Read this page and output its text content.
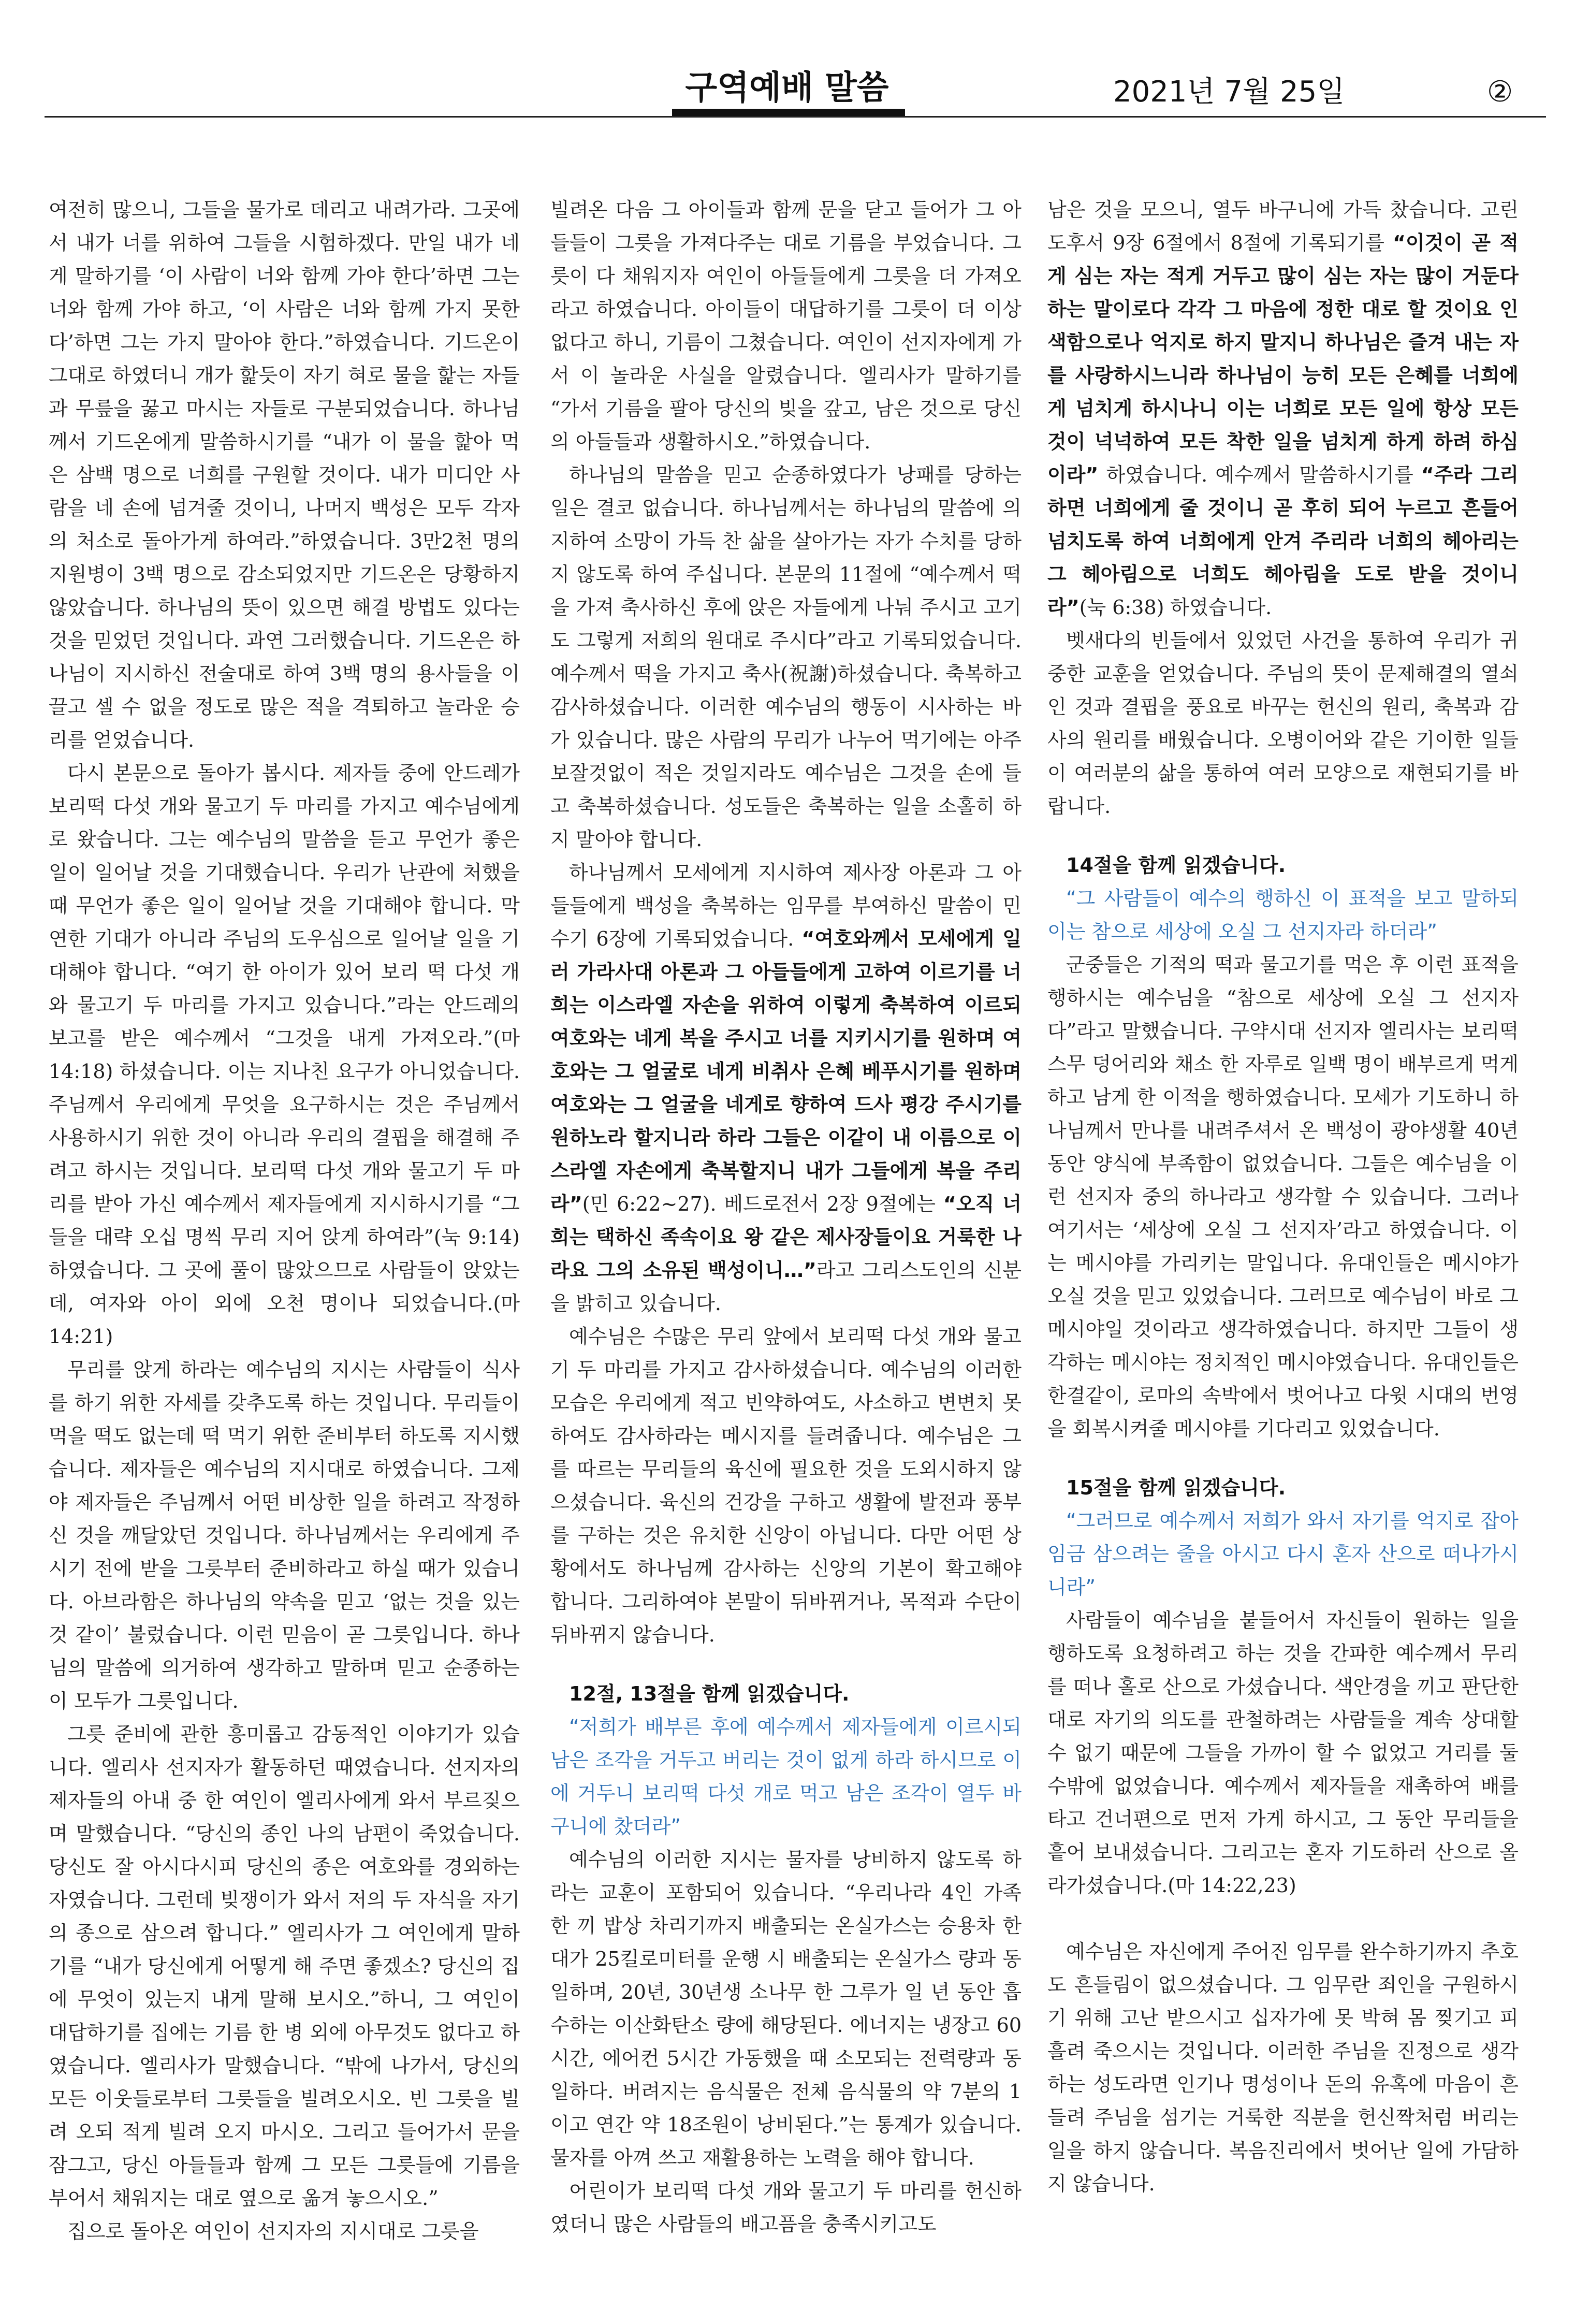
구역예배 말씀	2021년 7월 25일	②

여전히 많으니, 그들을 물가로 데리고 내려가라. 그곳에서 내가 너를 위하여 그들을 시험하겠다. 만일 내가 네게 말하기를 ‘이 사람이 너와 함께 가야 한다’하면 그는 너와 함께 가야 하고, ‘이 사람은 너와 함께 가지 못한다’하면 그는 가지 말아야 한다.”하였습니다. 기드온이 그대로 하였더니 개가 핥듯이 자기 혀로 물을 핥는 자들과 무릎을 꿇고 마시는 자들로 구분되었습니다. 하나님께서 기드온에게 말씀하시기를 “내가 이 물을 핥아 먹은 삼백 명으로 너희를 구원할 것이다. 내가 미디안 사람을 네 손에 넘겨줄 것이니, 나머지 백성은 모두 각자의 처소로 돌아가게 하여라.”하였습니다. 3만2천 명의 지원병이 3백 명으로 감소되었지만 기드온은 당황하지 않았습니다. 하나님의 뜻이 있으면 해결 방법도 있다는 것을 믿었던 것입니다. 과연 그러했습니다. 기드온은 하나님이 지시하신 전술대로 하여 3백 명의 용사들을 이끌고 셀 수 없을 정도로 많은 적을 격퇴하고 놀라운 승리를 얻었습니다.

다시 본문으로 돌아가 봅시다. 제자들 중에 안드레가 보리떡 다섯 개와 물고기 두 마리를 가지고 예수님에게로 왔습니다. 그는 예수님의 말씀을 듣고 무언가 좋은 일이 일어날 것을 기대했습니다. 우리가 난관에 처했을 때 무언가 좋은 일이 일어날 것을 기대해야 합니다. 막연한 기대가 아니라 주님의 도우심으로 일어날 일을 기대해야 합니다. “여기 한 아이가 있어 보리 떡 다섯 개와 물고기 두 마리를 가지고 있습니다.”라는 안드레의 보고를 받은 예수께서 “그것을 내게 가져오라.”(마 14:18) 하셨습니다. 이는 지나친 요구가 아니었습니다. 주님께서 우리에게 무엇을 요구하시는 것은 주님께서 사용하시기 위한 것이 아니라 우리의 결핍을 해결해 주려고 하시는 것입니다. 보리떡 다섯 개와 물고기 두 마리를 받아 가신 예수께서 제자들에게 지시하시기를 “그들을 대략 오십 명씩 무리 지어 앉게 하여라”(눅 9:14) 하였습니다. 그 곳에 풀이 많았으므로 사람들이 앉았는데, 여자와 아이 외에 오천 명이나 되었습니다.(마 14:21)

무리를 앉게 하라는 예수님의 지시는 사람들이 식사를 하기 위한 자세를 갖추도록 하는 것입니다. 무리들이 먹을 떡도 없는데 떡 먹기 위한 준비부터 하도록 지시했습니다. 제자들은 예수님의 지시대로 하였습니다. 그제야 제자들은 주님께서 어떤 비상한 일을 하려고 작정하신 것을 깨달았던 것입니다. 하나님께서는 우리에게 주시기 전에 받을 그릇부터 준비하라고 하실 때가 있습니다. 아브라함은 하나님의 약속을 믿고 ‘없는 것을 있는 것 같이’ 불렀습니다. 이런 믿음이 곧 그릇입니다. 하나님의 말씀에 의거하여 생각하고 말하며 믿고 순종하는 이 모두가 그릇입니다.

그릇 준비에 관한 흥미롭고 감동적인 이야기가 있습니다. 엘리사 선지자가 활동하던 때였습니다. 선지자의 제자들의 아내 중 한 여인이 엘리사에게 와서 부르짖으며 말했습니다. “당신의 종인 나의 남편이 죽었습니다. 당신도 잘 아시다시피 당신의 종은 여호와를 경외하는 자였습니다. 그런데 빚쟁이가 와서 저의 두 자식을 자기의 종으로 삼으려 합니다.” 엘리사가 그 여인에게 말하기를 “내가 당신에게 어떻게 해 주면 좋겠소? 당신의 집에 무엇이 있는지 내게 말해 보시오.”하니, 그 여인이 대답하기를 집에는 기름 한 병 외에 아무것도 없다고 하였습니다. 엘리사가 말했습니다. “밖에 나가서, 당신의 모든 이웃들로부터 그릇들을 빌려오시오. 빈 그릇을 빌려 오되 적게 빌려 오지 마시오. 그리고 들어가서 문을 잠그고, 당신 아들들과 함께 그 모든 그릇들에 기름을 부어서 채워지는 대로 옆으로 옮겨 놓으시오.”

집으로 돌아온 여인이 선지자의 지시대로 그릇을

빌려온 다음 그 아이들과 함께 문을 닫고 들어가 그 아들들이 그릇을 가져다주는 대로 기름을 부었습니다. 그릇이 다 채워지자 여인이 아들들에게 그릇을 더 가져오라고 하였습니다. 아이들이 대답하기를 그릇이 더 이상 없다고 하니, 기름이 그쳤습니다. 여인이 선지자에게 가서 이 놀라운 사실을 알렸습니다. 엘리사가 말하기를 “가서 기름을 팔아 당신의 빚을 갚고, 남은 것으로 당신의 아들들과 생활하시오.”하였습니다.

하나님의 말씀을 믿고 순종하였다가 낭패를 당하는 일은 결코 없습니다. 하나님께서는 하나님의 말씀에 의지하여 소망이 가득 찬 삶을 살아가는 자가 수치를 당하지 않도록 하여 주십니다. 본문의 11절에 “예수께서 떡을 가져 축사하신 후에 앉은 자들에게 나눠 주시고 고기도 그렇게 저희의 원대로 주시다”라고 기록되었습니다. 예수께서 떡을 가지고 축사(祝謝)하셨습니다. 축복하고 감사하셨습니다. 이러한 예수님의 행동이 시사하는 바가 있습니다. 많은 사람의 무리가 나누어 먹기에는 아주 보잘것없이 적은 것일지라도 예수님은 그것을 손에 들고 축복하셨습니다. 성도들은 축복하는 일을 소홀히 하지 말아야 합니다.

하나님께서 모세에게 지시하여 제사장 아론과 그 아들들에게 백성을 축복하는 임무를 부여하신 말씀이 민수기 6장에 기록되었습니다. “여호와께서 모세에게 일러 가라사대 아론과 그 아들들에게 고하여 이르기를 너희는 이스라엘 자손을 위하여 이렇게 축복하여 이르되 여호와는 네게 복을 주시고 너를 지키시기를 원하며 여호와는 그 얼굴로 네게 비취사 은혜 베푸시기를 원하며 여호와는 그 얼굴을 네게로 향하여 드사 평강 주시기를 원하노라 할지니라 하라 그들은 이같이 내 이름으로 이스라엘 자손에게 축복할지니 내가 그들에게 복을 주리라”(민 6:22~27). 베드로전서 2장 9절에는 “오직 너희는 택하신 족속이요 왕 같은 제사장들이요 거룩한 나라요 그의 소유된 백성이니…”라고 그리스도인의 신분을 밝히고 있습니다.

예수님은 수많은 무리 앞에서 보리떡 다섯 개와 물고기 두 마리를 가지고 감사하셨습니다. 예수님의 이러한 모습은 우리에게 적고 빈약하여도, 사소하고 변변치 못하여도 감사하라는 메시지를 들려줍니다. 예수님은 그를 따르는 무리들의 육신에 필요한 것을 도외시하지 않으셨습니다. 육신의 건강을 구하고 생활에 발전과 풍부를 구하는 것은 유치한 신앙이 아닙니다. 다만 어떤 상황에서도 하나님께 감사하는 신앙의 기본이 확고해야 합니다. 그리하여야 본말이 뒤바뀌거나, 목적과 수단이 뒤바뀌지 않습니다.

12절, 13절을 함께 읽겠습니다.

“저희가 배부른 후에 예수께서 제자들에게 이르시되 남은 조각을 거두고 버리는 것이 없게 하라 하시므로 이에 거두니 보리떡 다섯 개로 먹고 남은 조각이 열두 바구니에 찼더라”

예수님의 이러한 지시는 물자를 낭비하지 않도록 하라는 교훈이 포함되어 있습니다. “우리나라 4인 가족 한 끼 밥상 차리기까지 배출되는 온실가스는 승용차 한대가 25킬로미터를 운행 시 배출되는 온실가스 량과 동일하며, 20년, 30년생 소나무 한 그루가 일 년 동안 흡수하는 이산화탄소 량에 해당된다. 에너지는 냉장고 60시간, 에어컨 5시간 가동했을 때 소모되는 전력량과 동일하다. 버려지는 음식물은 전체 음식물의 약 7분의 1이고 연간 약 18조원이 낭비된다.”는 통계가 있습니다. 물자를 아껴 쓰고 재활용하는 노력을 해야 합니다.

어린이가 보리떡 다섯 개와 물고기 두 마리를 헌신하였더니 많은 사람들의 배고픔을 충족시키고도

남은 것을 모으니, 열두 바구니에 가득 찼습니다. 고린도후서 9장 6절에서 8절에 기록되기를 “이것이 곧 적게 심는 자는 적게 거두고 많이 심는 자는 많이 거둔다 하는 말이로다 각각 그 마음에 정한 대로 할 것이요 인색함으로나 억지로 하지 말지니 하나님은 즐겨 내는 자를 사랑하시느니라 하나님이 능히 모든 은혜를 너희에게 넘치게 하시나니 이는 너희로 모든 일에 항상 모든 것이 넉넉하여 모든 착한 일을 넘치게 하게 하려 하심이라” 하였습니다. 예수께서 말씀하시기를 “주라 그리하면 너희에게 줄 것이니 곧 후히 되어 누르고 흔들어 넘치도록 하여 너희에게 안겨 주리라 너희의 헤아리는 그 헤아림으로 너희도 헤아림을 도로 받을 것이니라”(눅 6:38) 하였습니다.

벳새다의 빈들에서 있었던 사건을 통하여 우리가 귀중한 교훈을 얻었습니다. 주님의 뜻이 문제해결의 열쇠인 것과 결핍을 풍요로 바꾸는 헌신의 원리, 축복과 감사의 원리를 배웠습니다. 오병이어와 같은 기이한 일들이 여러분의 삶을 통하여 여러 모양으로 재현되기를 바랍니다.

14절을 함께 읽겠습니다.

“그 사람들이 예수의 행하신 이 표적을 보고 말하되 이는 참으로 세상에 오실 그 선지자라 하더라”

군중들은 기적의 떡과 물고기를 먹은 후 이런 표적을 행하시는 예수님을 “참으로 세상에 오실 그 선지자다”라고 말했습니다. 구약시대 선지자 엘리사는 보리떡 스무 덩어리와 채소 한 자루로 일백 명이 배부르게 먹게 하고 남게 한 이적을 행하였습니다. 모세가 기도하니 하나님께서 만나를 내려주셔서 온 백성이 광야생활 40년 동안 양식에 부족함이 없었습니다. 그들은 예수님을 이런 선지자 중의 하나라고 생각할 수 있습니다. 그러나 여기서는 ‘세상에 오실 그 선지자’라고 하였습니다. 이는 메시야를 가리키는 말입니다. 유대인들은 메시야가 오실 것을 믿고 있었습니다. 그러므로 예수님이 바로 그 메시야일 것이라고 생각하였습니다. 하지만 그들이 생각하는 메시야는 정치적인 메시야였습니다. 유대인들은 한결같이, 로마의 속박에서 벗어나고 다윗 시대의 번영을 회복시켜줄 메시야를 기다리고 있었습니다.

15절을 함께 읽겠습니다.

“그러므로 예수께서 저희가 와서 자기를 억지로 잡아 임금 삼으려는 줄을 아시고 다시 혼자 산으로 떠나가시니라”

사람들이 예수님을 붙들어서 자신들이 원하는 일을 행하도록 요청하려고 하는 것을 간파한 예수께서 무리를 떠나 홀로 산으로 가셨습니다. 색안경을 끼고 판단한 대로 자기의 의도를 관철하려는 사람들을 계속 상대할 수 없기 때문에 그들을 가까이 할 수 없었고 거리를 둘 수밖에 없었습니다. 예수께서 제자들을 재촉하여 배를 타고 건너편으로 먼저 가게 하시고, 그 동안 무리들을 흩어 보내셨습니다. 그리고는 혼자 기도하러 산으로 올라가셨습니다.(마 14:22,23)

예수님은 자신에게 주어진 임무를 완수하기까지 추호도 흔들림이 없으셨습니다. 그 임무란 죄인을 구원하시기 위해 고난 받으시고 십자가에 못 박혀 몸 찢기고 피 흘려 죽으시는 것입니다. 이러한 주님을 진정으로 생각하는 성도라면 인기나 명성이나 돈의 유혹에 마음이 흔들려 주님을 섬기는 거룩한 직분을 헌신짝처럼 버리는 일을 하지 않습니다. 복음진리에서 벗어난 일에 가담하지 않습니다.
